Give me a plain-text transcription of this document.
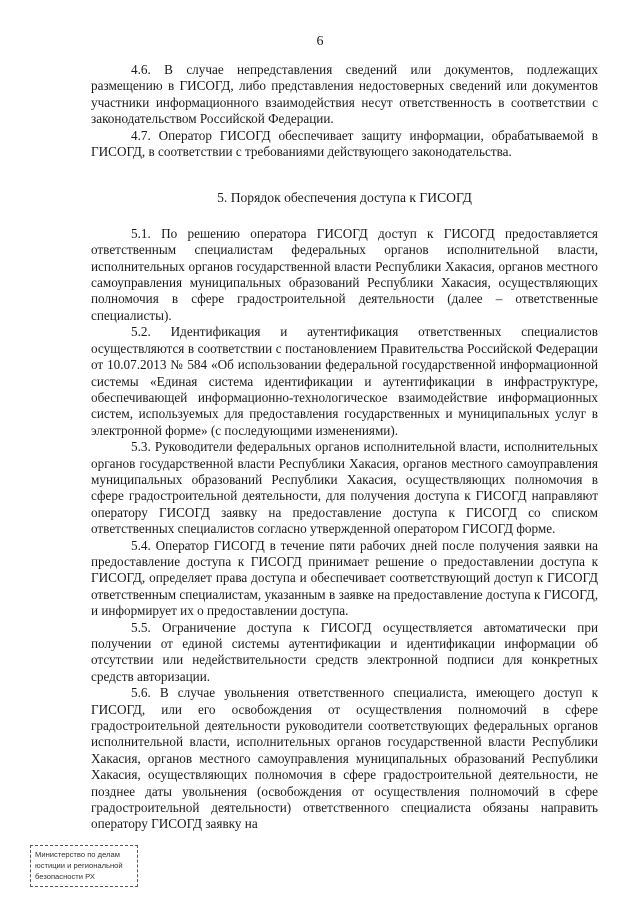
6

4.6. В случае непредставления сведений или документов, подлежащих размещению в ГИСОГД, либо представления недостоверных сведений или документов участники информационного взаимодействия несут ответственность в соответствии с законодательством Российской Федерации.

4.7. Оператор ГИСОГД обеспечивает защиту информации, обрабатываемой в ГИСОГД, в соответствии с требованиями действующего законодательства.

5. Порядок обеспечения доступа к ГИСОГД

5.1. По решению оператора ГИСОГД доступ к ГИСОГД предоставляется ответственным специалистам федеральных органов исполнительной власти, исполнительных органов государственной власти Республики Хакасия, органов местного самоуправления муниципальных образований Республики Хакасия, осуществляющих полномочия в сфере градостроительной деятельности (далее – ответственные специалисты).

5.2. Идентификация и аутентификация ответственных специалистов осуществляются в соответствии с постановлением Правительства Российской Федерации от 10.07.2013 № 584 «Об использовании федеральной государственной информационной системы «Единая система идентификации и аутентификации в инфраструктуре, обеспечивающей информационно-технологическое взаимодействие информационных систем, используемых для предоставления государственных и муниципальных услуг в электронной форме» (с последующими изменениями).

5.3. Руководители федеральных органов исполнительной власти, исполнительных органов государственной власти Республики Хакасия, органов местного самоуправления муниципальных образований Республики Хакасия, осуществляющих полномочия в сфере градостроительной деятельности, для получения доступа к ГИСОГД направляют оператору ГИСОГД заявку на предоставление доступа к ГИСОГД со списком ответственных специалистов согласно утвержденной оператором ГИСОГД форме.

5.4. Оператор ГИСОГД в течение пяти рабочих дней после получения заявки на предоставление доступа к ГИСОГД принимает решение о предоставлении доступа к ГИСОГД, определяет права доступа и обеспечивает соответствующий доступ к ГИСОГД ответственным специалистам, указанным в заявке на предоставление доступа к ГИСОГД, и информирует их о предоставлении доступа.

5.5. Ограничение доступа к ГИСОГД осуществляется автоматически при получении от единой системы аутентификации и идентификации информации об отсутствии или недействительности средств электронной подписи для конкретных средств авторизации.

5.6. В случае увольнения ответственного специалиста, имеющего доступ к ГИСОГД, или его освобождения от осуществления полномочий в сфере градостроительной деятельности руководители соответствующих федеральных органов исполнительной власти, исполнительных органов государственной власти Республики Хакасия, органов местного самоуправления муниципальных образований Республики Хакасия, осуществляющих полномочия в сфере градостроительной деятельности, не позднее даты увольнения (освобождения от осуществления полномочий в сфере градостроительной деятельности) ответственного специалиста обязаны направить оператору ГИСОГД заявку на

Министерство по делам
юстиции и региональной
безопасности РХ
